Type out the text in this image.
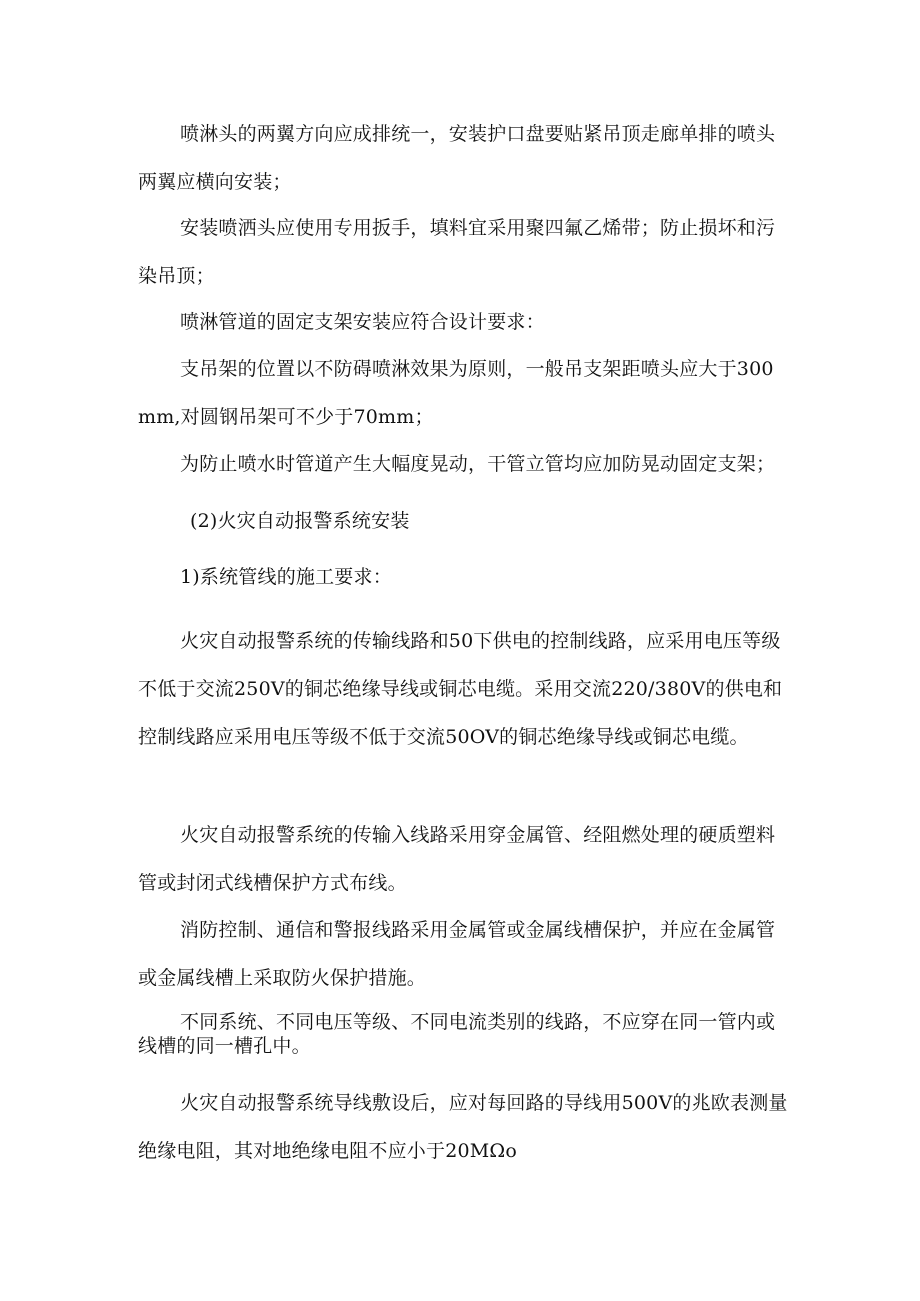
喷淋头的两翼方向应成排统一，安装护口盘要贴紧吊顶走廊单排的喷头两翼应横向安装；

安装喷洒头应使用专用扳手，填料宜采用聚四氟乙烯带；防止损坏和污染吊顶；

喷淋管道的固定支架安装应符合设计要求：

支吊架的位置以不防碍喷淋效果为原则，一般吊支架距喷头应大于300mm,对圆钢吊架可不少于70mm；

为防止喷水时管道产生大幅度晃动，干管立管均应加防晃动固定支架；

(2)火灾自动报警系统安装

1)系统管线的施工要求：

火灾自动报警系统的传输线路和50下供电的控制线路，应采用电压等级不低于交流250V的铜芯绝缘导线或铜芯电缆。采用交流220/380V的供电和控制线路应采用电压等级不低于交流50OV的铜芯绝缘导线或铜芯电缆。

火灾自动报警系统的传输入线路采用穿金属管、经阻燃处理的硬质塑料管或封闭式线槽保护方式布线。

消防控制、通信和警报线路采用金属管或金属线槽保护，并应在金属管或金属线槽上采取防火保护措施。

不同系统、不同电压等级、不同电流类别的线路，不应穿在同一管内或线槽的同一槽孔中。

火灾自动报警系统导线敷设后，应对每回路的导线用500V的兆欧表测量绝缘电阻，其对地绝缘电阻不应小于20MΩo
